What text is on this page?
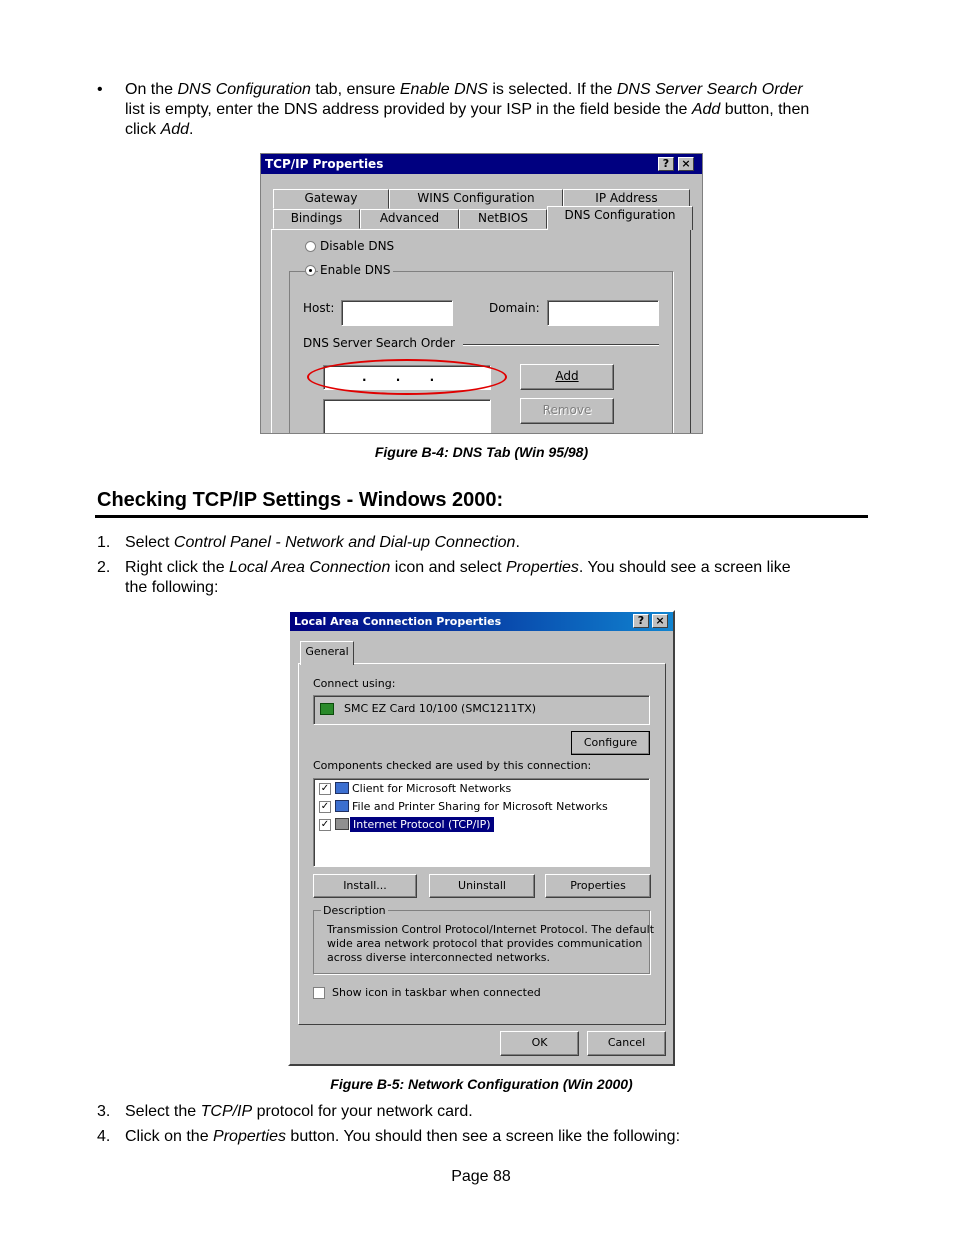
• On the DNS Configuration tab, ensure Enable DNS is selected. If the DNS Server Search Order
list is empty, enter the DNS address provided by your ISP in the field beside the Add button, then
click Add.
TCP/IP Properties	?	×
Gateway	WINS Configuration	IP Address
Bindings	Advanced	NetBIOS	DNS Configuration
Disable DNS
Enable DNS
Host:	Domain:
DNS Server Search Order
.       .       .	Add
Remove
Figure B-4: DNS Tab (Win 95/98)
Checking TCP/IP Settings - Windows 2000:
1. Select Control Panel - Network and Dial-up Connection.
2. Right click the Local Area Connection icon and select Properties. You should see a screen like
the following:
Local Area Connection Properties	?	×
General
Connect using:
SMC EZ Card 10/100 (SMC1211TX)
Configure
Components checked are used by this connection:
✓ Client for Microsoft Networks
✓ File and Printer Sharing for Microsoft Networks
✓ Internet Protocol (TCP/IP)
Install...	Uninstall	Properties
Description
Transmission Control Protocol/Internet Protocol. The default
wide area network protocol that provides communication
across diverse interconnected networks.
Show icon in taskbar when connected
OK	Cancel
Figure B-5: Network Configuration (Win 2000)
3. Select the TCP/IP protocol for your network card.
4. Click on the Properties button. You should then see a screen like the following:
Page 88
